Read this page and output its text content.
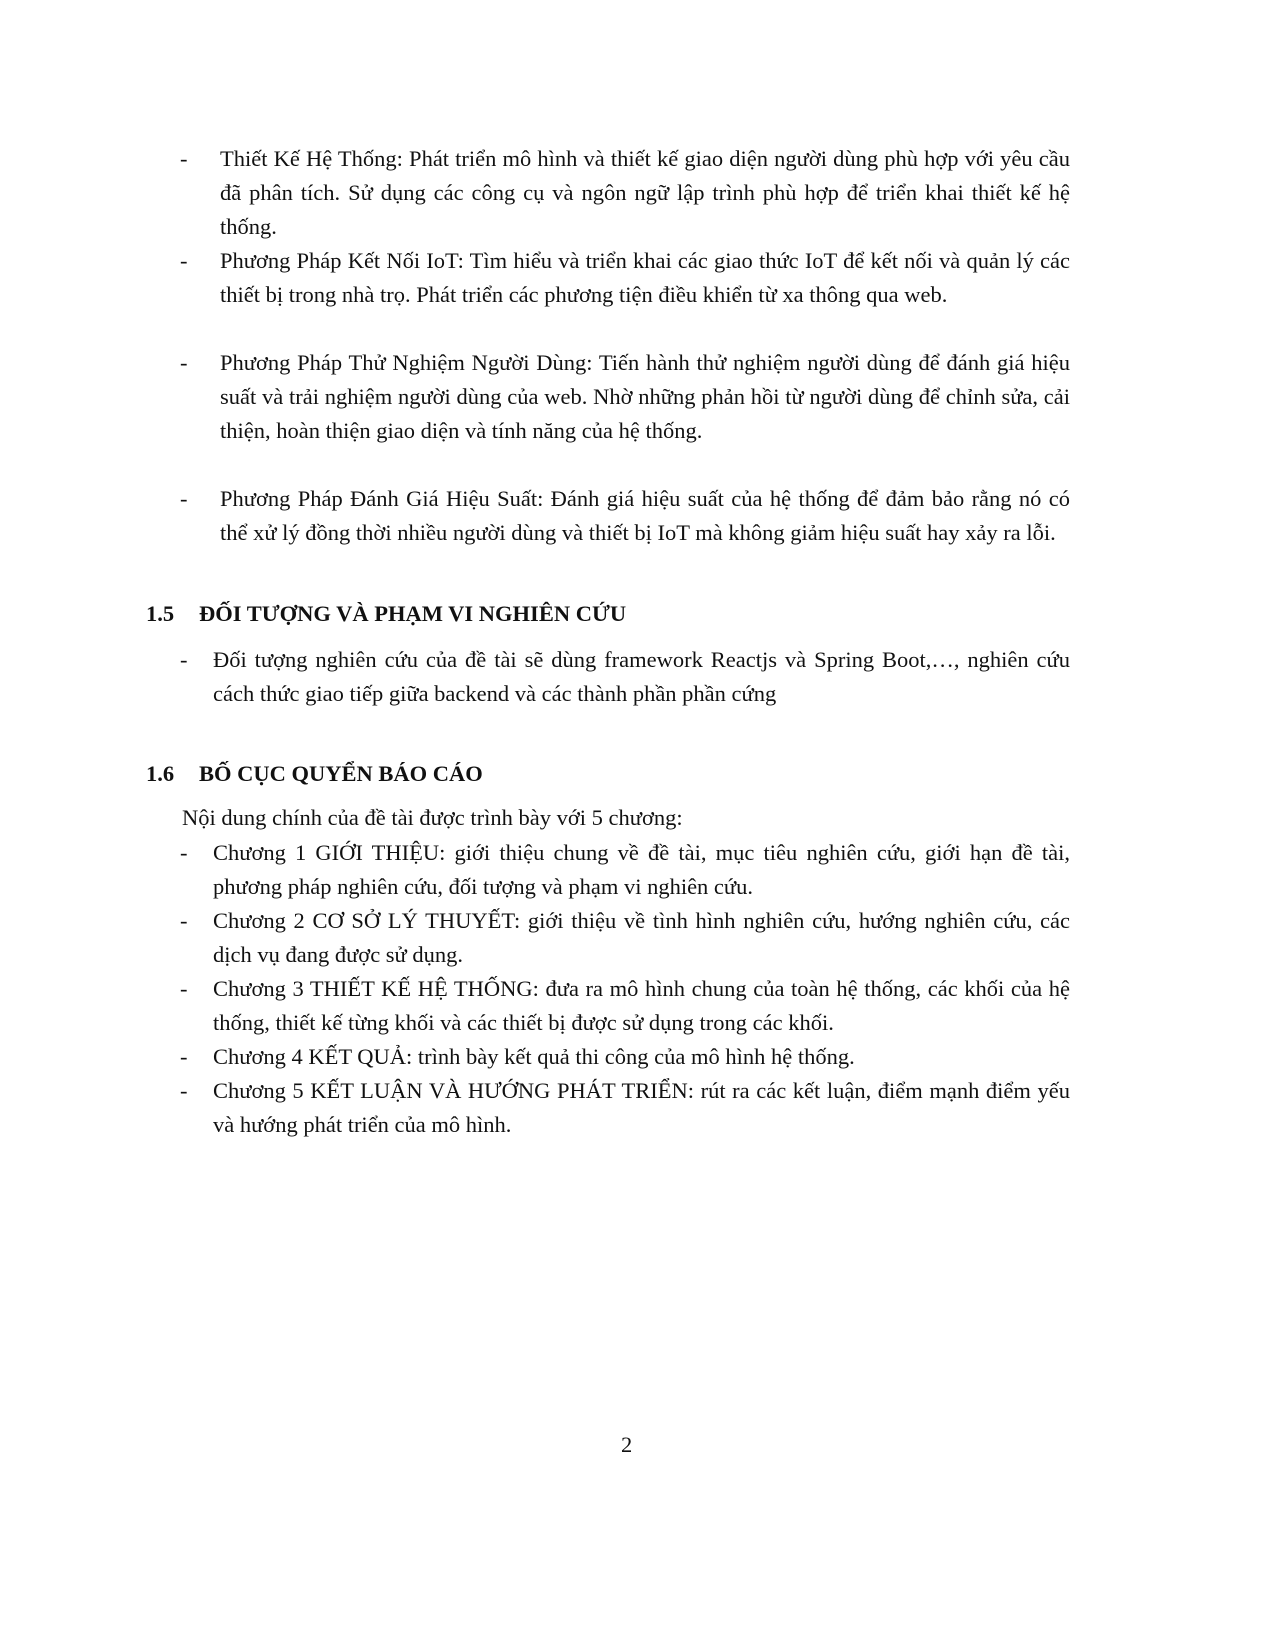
- Thiết Kế Hệ Thống: Phát triển mô hình và thiết kế giao diện người dùng phù hợp với yêu cầu đã phân tích. Sử dụng các công cụ và ngôn ngữ lập trình phù hợp để triển khai thiết kế hệ thống.
- Phương Pháp Kết Nối IoT: Tìm hiểu và triển khai các giao thức IoT để kết nối và quản lý các thiết bị trong nhà trọ. Phát triển các phương tiện điều khiển từ xa thông qua web.
- Phương Pháp Thử Nghiệm Người Dùng: Tiến hành thử nghiệm người dùng để đánh giá hiệu suất và trải nghiệm người dùng của web. Nhờ những phản hồi từ người dùng để chỉnh sửa, cải thiện, hoàn thiện giao diện và tính năng của hệ thống.
- Phương Pháp Đánh Giá Hiệu Suất: Đánh giá hiệu suất của hệ thống để đảm bảo rằng nó có thể xử lý đồng thời nhiều người dùng và thiết bị IoT mà không giảm hiệu suất hay xảy ra lỗi.
1.5 ĐỐI TƯỢNG VÀ PHẠM VI NGHIÊN CỨU
- Đối tượng nghiên cứu của đề tài sẽ dùng framework Reactjs và Spring Boot,…, nghiên cứu cách thức giao tiếp giữa backend và các thành phần phần cứng
1.6 BỐ CỤC QUYỂN BÁO CÁO
Nội dung chính của đề tài được trình bày với 5 chương:
- Chương 1 GIỚI THIỆU: giới thiệu chung về đề tài, mục tiêu nghiên cứu, giới hạn đề tài, phương pháp nghiên cứu, đối tượng và phạm vi nghiên cứu.
- Chương 2 CƠ SỞ LÝ THUYẾT: giới thiệu về tình hình nghiên cứu, hướng nghiên cứu, các dịch vụ đang được sử dụng.
- Chương 3 THIẾT KẾ HỆ THỐNG: đưa ra mô hình chung của toàn hệ thống, các khối của hệ thống, thiết kế từng khối và các thiết bị được sử dụng trong các khối.
- Chương 4 KẾT QUẢ: trình bày kết quả thi công của mô hình hệ thống.
- Chương 5 KẾT LUẬN VÀ HƯỚNG PHÁT TRIỂN: rút ra các kết luận, điểm mạnh điểm yếu và hướng phát triển của mô hình.
2
